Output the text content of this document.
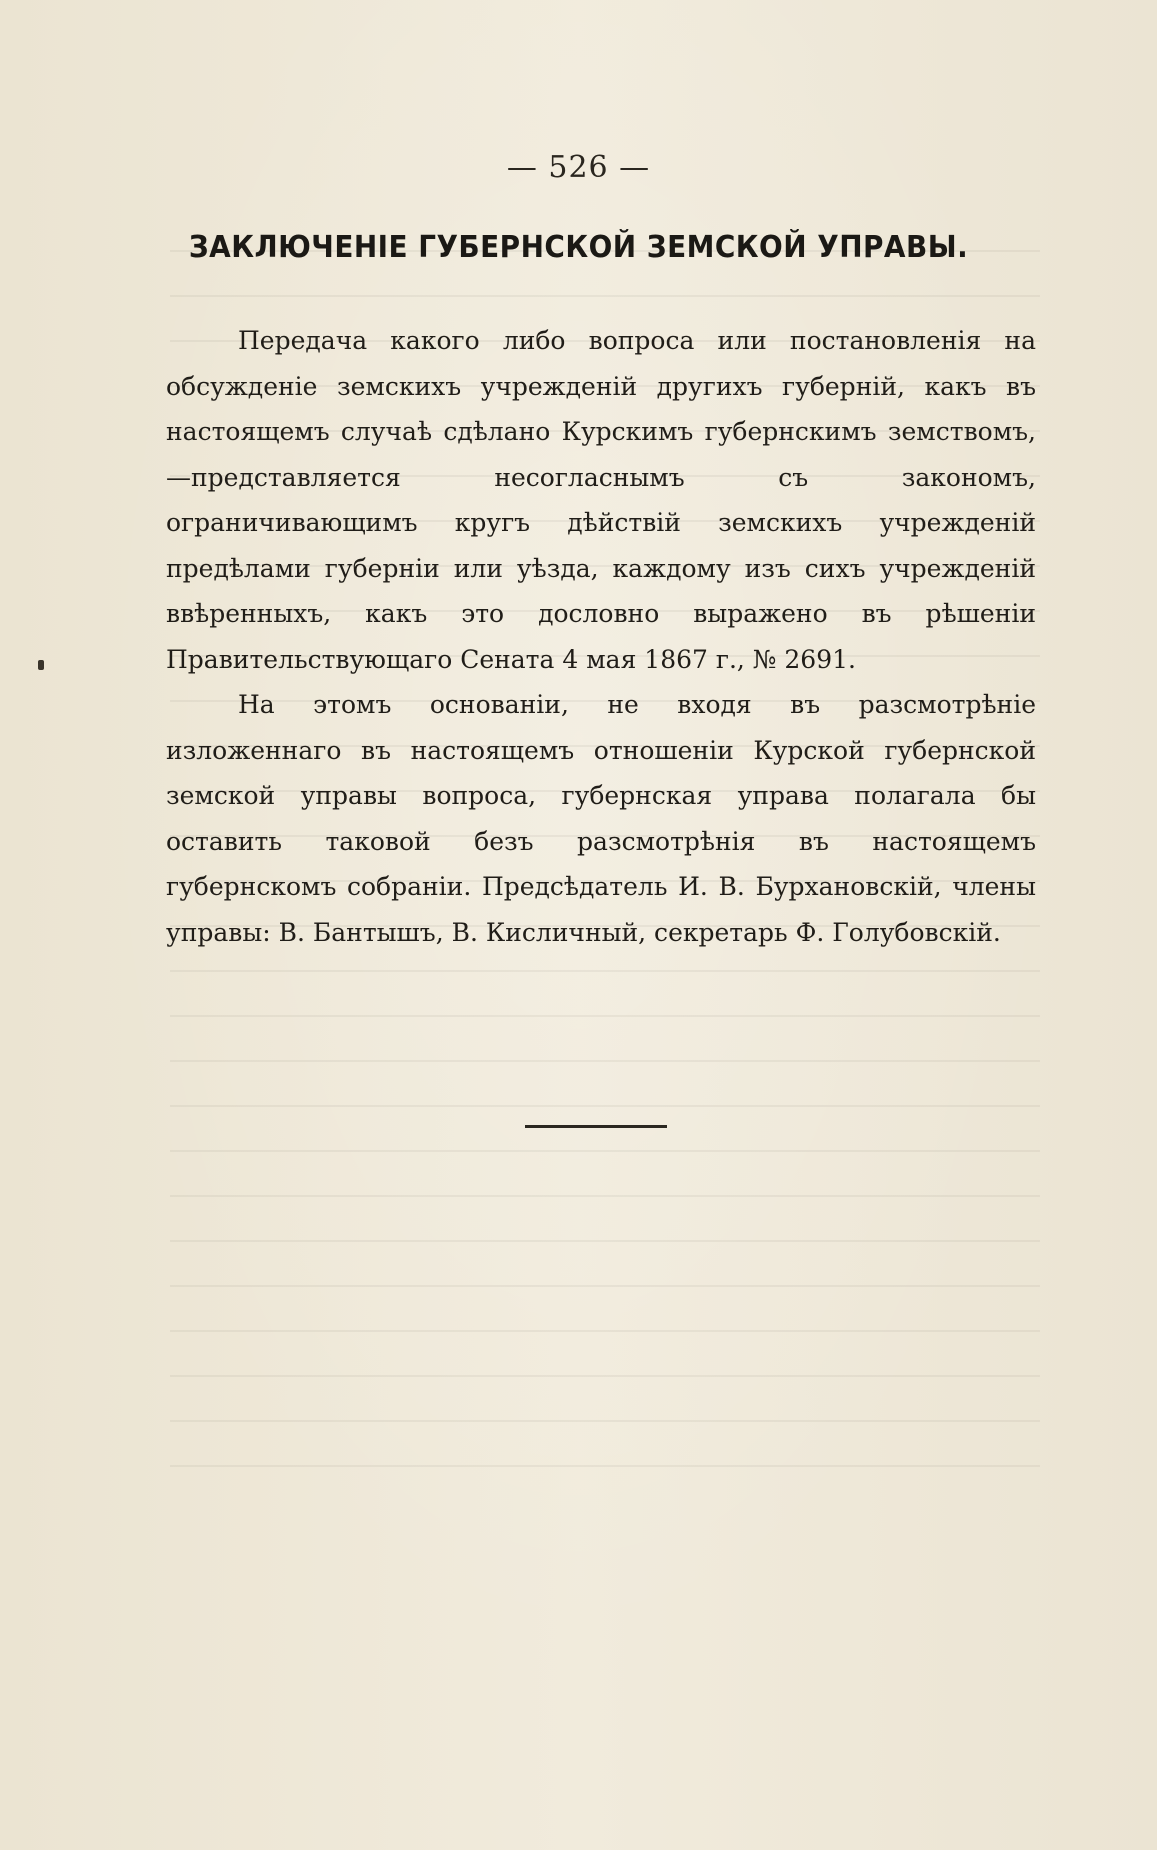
— 526 —
ЗАКЛЮЧЕНІЕ ГУБЕРНСКОЙ ЗЕМСКОЙ УПРАВЫ.

Передача какого либо вопроса или постановленія на обсужденіе земскихъ учрежденій другихъ губерній, какъ въ настоящемъ случаѣ сдѣлано Курскимъ губернскимъ земствомъ,—представляется несогласнымъ съ закономъ, ограничивающимъ кругъ дѣйствій земскихъ учрежденій предѣлами губерніи или уѣзда, каждому изъ сихъ учрежденій ввѣренныхъ, какъ это дословно выражено въ рѣшеніи Правительствующаго Сената 4 мая 1867 г., № 2691.

На этомъ основаніи, не входя въ разсмотрѣніе изложеннаго въ настоящемъ отношеніи Курской губернской земской управы вопроса, губернская управа полагала бы оставить таковой безъ разсмотрѣнія въ настоящемъ губернскомъ собраніи. Предсѣдатель И. В. Бурхановскій, члены управы: В. Бантышъ, В. Кисличный, секретарь Ф. Голубовскій.
